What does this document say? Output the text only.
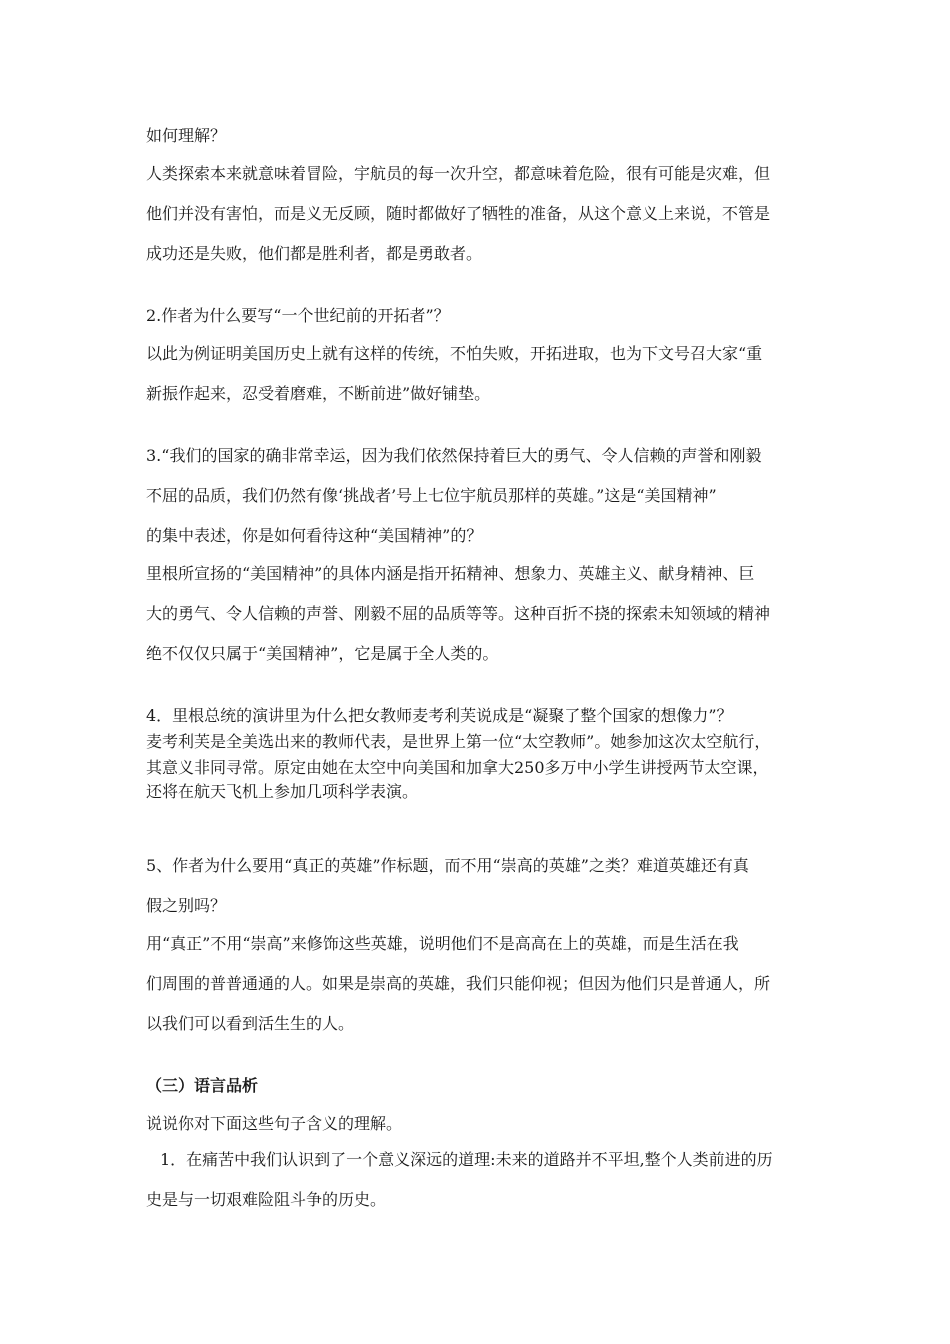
如何理解？
人类探索本来就意味着冒险，宇航员的每一次升空，都意味着危险，很有可能是灾难，但
他们并没有害怕，而是义无反顾，随时都做好了牺牲的准备，从这个意义上来说，不管是
成功还是失败，他们都是胜利者，都是勇敢者。
2.作者为什么要写“一个世纪前的开拓者”？
以此为例证明美国历史上就有这样的传统，不怕失败，开拓进取，也为下文号召大家“重
新振作起来，忍受着磨难，不断前进”做好铺垫。
3.“我们的国家的确非常幸运，因为我们依然保持着巨大的勇气、令人信赖的声誉和刚毅
不屈的品质，我们仍然有像‘挑战者’号上七位宇航员那样的英雄。”这是“美国精神”
的集中表述，你是如何看待这种“美国精神”的？
里根所宣扬的“美国精神”的具体内涵是指开拓精神、想象力、英雄主义、献身精神、巨
大的勇气、令人信赖的声誉、刚毅不屈的品质等等。这种百折不挠的探索未知领域的精神
绝不仅仅只属于“美国精神”，它是属于全人类的。
4．里根总统的演讲里为什么把女教师麦考利芙说成是“凝聚了整个国家的想像力”？
麦考利芙是全美选出来的教师代表，是世界上第一位“太空教师”。她参加这次太空航行，
其意义非同寻常。原定由她在太空中向美国和加拿大250多万中小学生讲授两节太空课，
还将在航天飞机上参加几项科学表演。
5、作者为什么要用“真正的英雄”作标题，而不用“崇高的英雄”之类？难道英雄还有真
假之别吗？
用“真正”不用“崇高”来修饰这些英雄，说明他们不是高高在上的英雄，而是生活在我
们周围的普普通通的人。如果是崇高的英雄，我们只能仰视；但因为他们只是普通人，所
以我们可以看到活生生的人。
（三）语言品析
说说你对下面这些句子含义的理解。
1．在痛苦中我们认识到了一个意义深远的道理:未来的道路并不平坦,整个人类前进的历
史是与一切艰难险阻斗争的历史。
